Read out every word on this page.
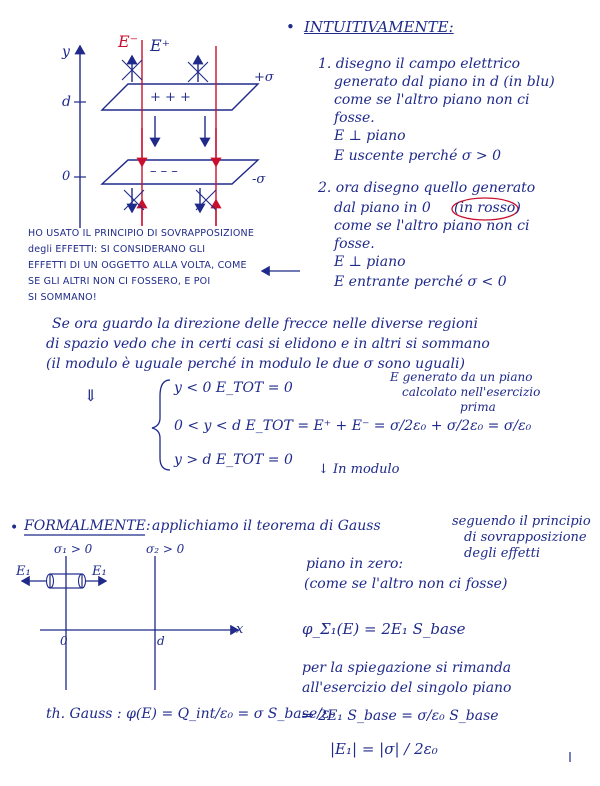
y
E⁻ E⁺
+σ
-σ
d
0
+ + +
– – –
HO USATO IL PRINCIPIO DI SOVRAPPOSIZIONE
degli EFFETTI: SI CONSIDERANO GLI
EFFETTI DI UN OGGETTO ALLA VOLTA, COME
SE GLI ALTRI NON CI FOSSERO, E POI
SI SOMMANO!
• INTUITIVAMENTE:
1. disegno il campo elettrico
generato dal piano in d (in blu)
come se l'altro piano non ci
fosse.
E ⊥ piano
E uscente perché σ > 0
2. ora disegno quello generato
dal piano in 0 (in rosso)
come se l'altro piano non ci
fosse.
E ⊥ piano
E entrante perché σ < 0
Se ora guardo la direzione delle frecce nelle diverse regioni
di spazio vedo che in certi casi si elidono e in altri si sommano
(il modulo è uguale perché in modulo le due σ sono uguali)
⇓	y < 0 E_TOT = 0
0 < y < d E_TOT = E⁺ + E⁻ = σ/2ε₀ + σ/2ε₀ = σ/ε₀
y > d E_TOT = 0
E generato da un piano
calcolato nell'esercizio
prima
↓ In modulo
• FORMALMENTE: applichiamo il teorema di Gauss	seguendo il principio
di sovrapposizione
degli effetti
σ₁ > 0	σ₂ > 0
E₁	E₁
0	d
x
piano in zero:
(come se l'altro non ci fosse)
φ_Σ₁(E) = 2E₁ S_base
per la spiegazione si rimanda
all'esercizio del singolo piano
⇒ 2E₁ S_base = σ/ε₀ S_base
|E₁| = |σ| / 2ε₀
th. Gauss : φ(E) = Q_int/ε₀ = σ S_base/ε₀
